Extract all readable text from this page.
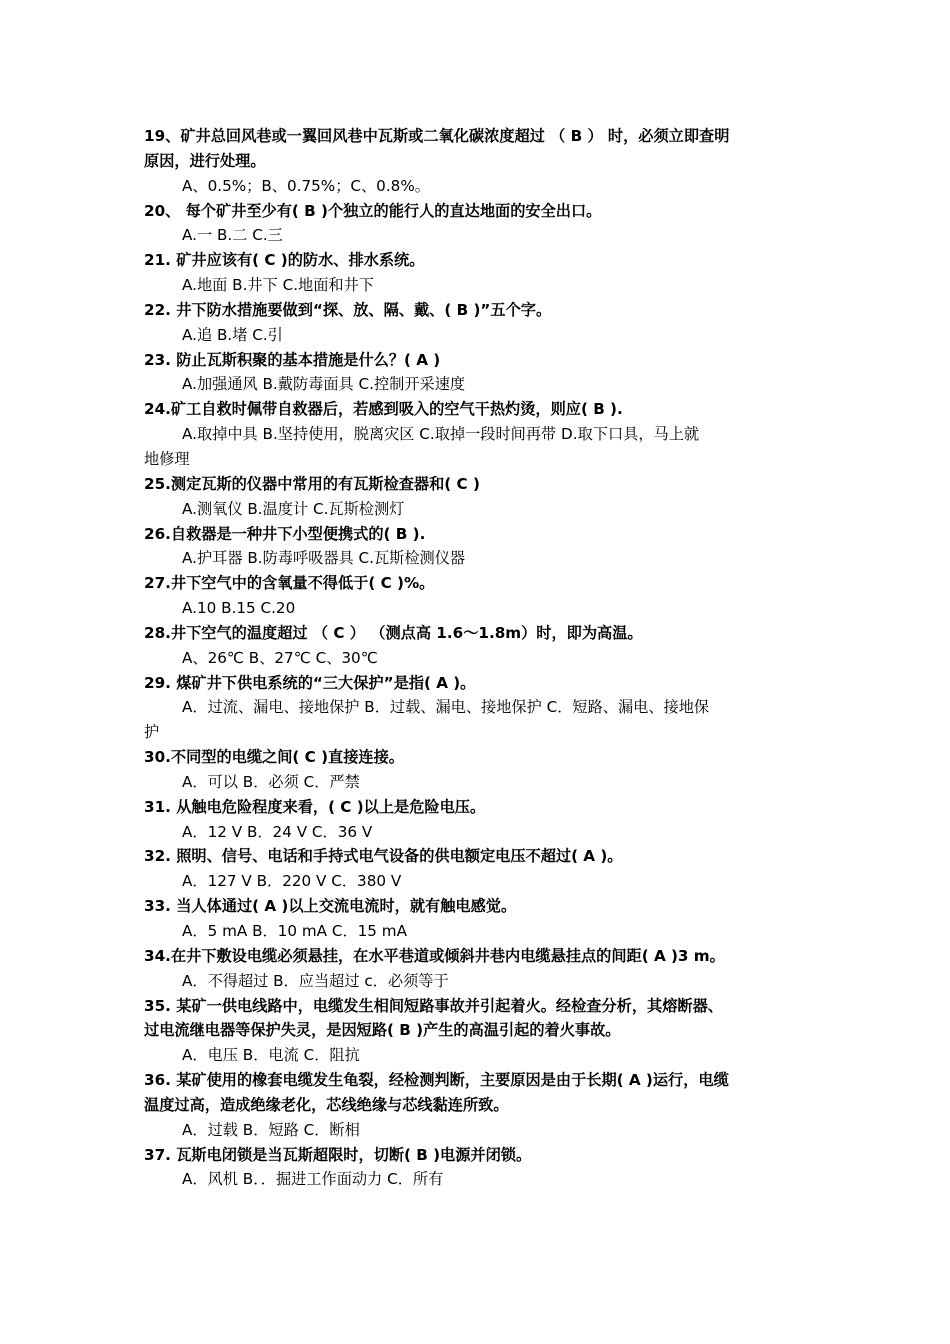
19、矿井总回风巷或一翼回风巷中瓦斯或二氧化碳浓度超过 （ B ） 时，必须立即查明
原因，进行处理。
A、0.5%；B、0.75%；C、0.8%。
20、 每个矿井至少有( B )个独立的能行人的直达地面的安全出口。
A.一 B.二 C.三
21. 矿井应该有( C )的防水、排水系统。
A.地面 B.井下 C.地面和井下
22. 井下防水措施要做到“探、放、隔、戴、( B )”五个字。
A.追 B.堵 C.引
23. 防止瓦斯积聚的基本措施是什么？( A )
A.加强通风 B.戴防毒面具 C.控制开采速度
24.矿工自救时佩带自救器后，若感到吸入的空气干热灼烫，则应( B ).
A.取掉中具 B.坚持使用，脱离灾区 C.取掉一段时间再带 D.取下口具，马上就
地修理
25.测定瓦斯的仪器中常用的有瓦斯检查器和( C )
A.测氧仪 B.温度计 C.瓦斯检测灯
26.自救器是一种井下小型便携式的( B ).
A.护耳器 B.防毒呼吸器具 C.瓦斯检测仪器
27.井下空气中的含氧量不得低于( C )%。
A.10 B.15 C.20
28.井下空气的温度超过 （ C ） （测点高 1.6～1.8m）时，即为高温。
A、26℃ B、27℃ C、30℃
29. 煤矿井下供电系统的“三大保护”是指( A )。
A．过流、漏电、接地保护 B．过载、漏电、接地保护 C．短路、漏电、接地保
护
30.不同型的电缆之间( C )直接连接。
A．可以 B．必须 C．严禁
31. 从触电危险程度来看，( C )以上是危险电压。
A．12 V B．24 V C．36 V
32. 照明、信号、电话和手持式电气设备的供电额定电压不超过( A )。
A．127 V B．220 V C．380 V
33. 当人体通过( A )以上交流电流时，就有触电感觉。
A．5 mA B．10 mA C．15 mA
34.在井下敷设电缆必须悬挂，在水平巷道或倾斜井巷内电缆悬挂点的间距( A )3 m。
A．不得超过 B．应当超过 c．必须等于
35. 某矿一供电线路中，电缆发生相间短路事故并引起着火。经检查分析，其熔断器、
过电流继电器等保护失灵，是因短路( B )产生的高温引起的着火事故。
A．电压 B．电流 C．阻抗
36. 某矿使用的橡套电缆发生龟裂，经检测判断，主要原因是由于长期( A )运行，电缆
温度过高，造成绝缘老化，芯线绝缘与芯线黏连所致。
A．过载 B．短路 C．断相
37. 瓦斯电闭锁是当瓦斯超限时，切断( B )电源并闭锁。
A．风机 B．．掘进工作面动力 C．所有
